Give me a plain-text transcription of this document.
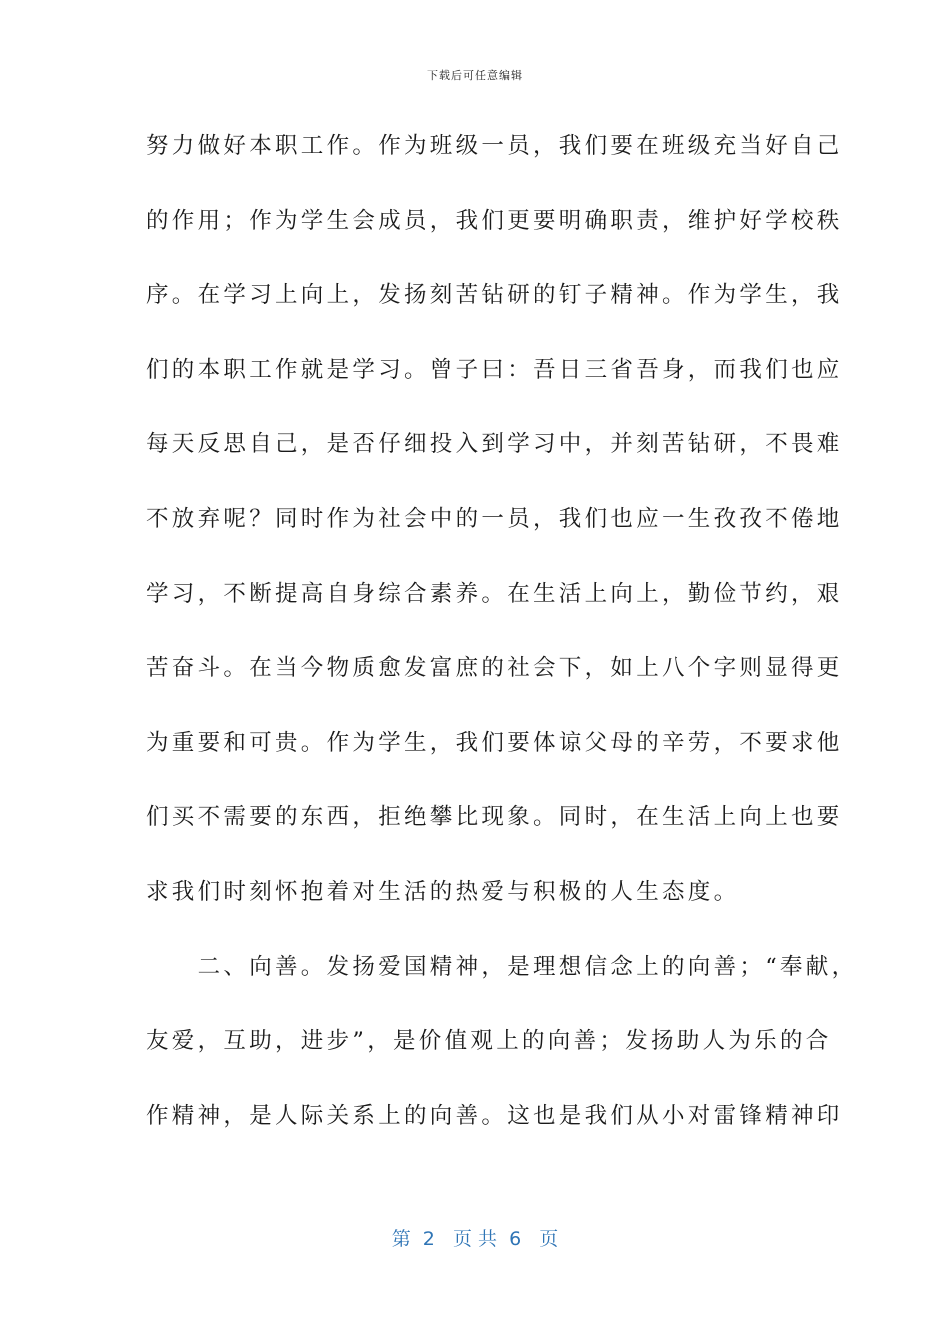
下载后可任意编辑
努力做好本职工作。作为班级一员，我们要在班级充当好自己
的作用；作为学生会成员，我们更要明确职责，维护好学校秩
序。在学习上向上，发扬刻苦钻研的钉子精神。作为学生，我
们的本职工作就是学习。曾子曰：吾日三省吾身，而我们也应
每天反思自己，是否仔细投入到学习中，并刻苦钻研，不畏难
不放弃呢？同时作为社会中的一员，我们也应一生孜孜不倦地
学习，不断提高自身综合素养。在生活上向上，勤俭节约，艰
苦奋斗。在当今物质愈发富庶的社会下，如上八个字则显得更
为重要和可贵。作为学生，我们要体谅父母的辛劳，不要求他
们买不需要的东西，拒绝攀比现象。同时，在生活上向上也要
求我们时刻怀抱着对生活的热爱与积极的人生态度。
　　二、向善。发扬爱国精神，是理想信念上的向善；“奉献，
友爱，互助，进步”，是价值观上的向善；发扬助人为乐的合
作精神，是人际关系上的向善。这也是我们从小对雷锋精神印
第  2   页 共  6   页
